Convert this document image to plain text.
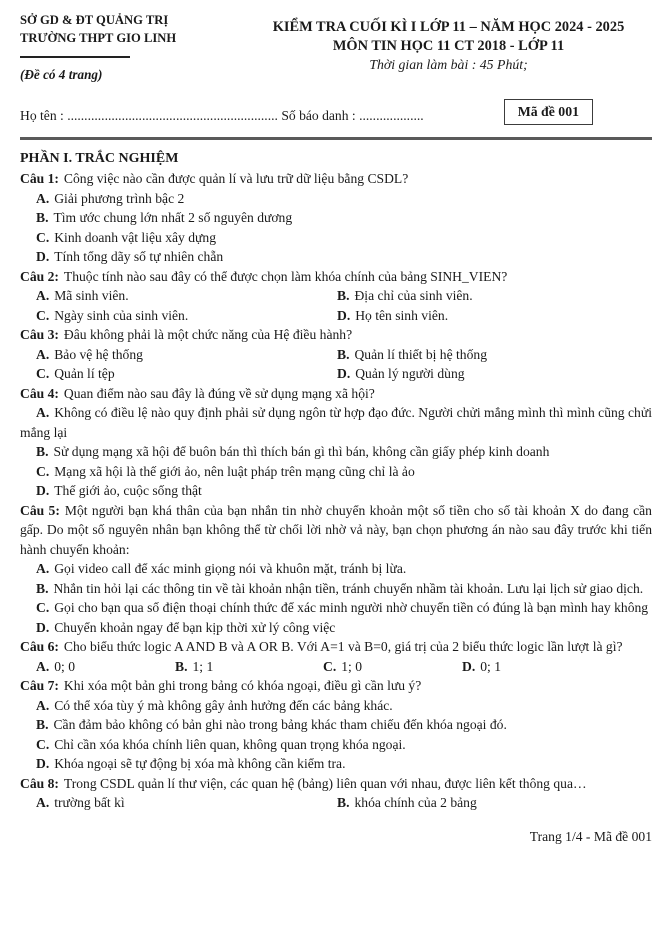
SỞ GD & ĐT QUẢNG TRỊ
TRƯỜNG THPT GIO LINH
(Đề có 4 trang)
KIỂM TRA CUỐI KÌ I LỚP 11 – NĂM HỌC 2024 - 2025
MÔN TIN HỌC 11 CT 2018 - LỚP 11
Thời gian làm bài : 45 Phút;
Họ tên : .............................................................. Số báo danh : ...................	Mã đề 001
PHẦN I. TRẮC NGHIỆM

Câu 1: Công việc nào cần được quản lí và lưu trữ dữ liệu bằng CSDL?

A. Giải phương trình bậc 2

B. Tìm ước chung lớn nhất 2 số nguyên dương

C. Kinh doanh vật liệu xây dựng

D. Tính tổng dãy số tự nhiên chẵn

Câu 2: Thuộc tính nào sau đây có thể được chọn làm khóa chính của bảng SINH_VIEN?

A. Mã sinh viên.	B. Địa chỉ của sinh viên.

C. Ngày sinh của sinh viên.	D. Họ tên sinh viên.

Câu 3: Đâu không phải là một chức năng của Hệ điều hành?

A. Bảo vệ hệ thống	B. Quản lí thiết bị hệ thống

C. Quản lí tệp	D. Quản lý người dùng

Câu 4: Quan điểm nào sau đây là đúng về sử dụng mạng xã hội?

A. Không có điều lệ nào quy định phải sử dụng ngôn từ hợp đạo đức. Người chửi mắng mình thì mình cũng chửi mắng lại

B. Sử dụng mạng xã hội để buôn bán thì thích bán gì thì bán, không cần giấy phép kinh doanh

C. Mạng xã hội là thế giới ảo, nên luật pháp trên mạng cũng chỉ là ảo

D. Thế giới ảo, cuộc sống thật

Câu 5: Một người bạn khá thân của bạn nhắn tin nhờ chuyển khoản một số tiền cho số tài khoản X do đang cần gấp. Do một số nguyên nhân bạn không thể từ chối lời nhờ vả này, bạn chọn phương án nào sau đây trước khi tiến hành chuyển khoản:

A. Gọi video call để xác minh giọng nói và khuôn mặt, tránh bị lừa.

B. Nhắn tin hỏi lại các thông tin về tài khoản nhận tiền, tránh chuyển nhầm tài khoản. Lưu lại lịch sử giao dịch.

C. Gọi cho bạn qua số điện thoại chính thức để xác minh người nhờ chuyển tiền có đúng là bạn mình hay không

D. Chuyển khoản ngay để bạn kịp thời xử lý công việc

Câu 6: Cho biểu thức logic A AND B và A OR B. Với A=1 và B=0, giá trị của 2 biểu thức logic lần lượt là gì?

A. 0; 0	B. 1; 1	C. 1; 0	D. 0; 1

Câu 7: Khi xóa một bản ghi trong bảng có khóa ngoại, điều gì cần lưu ý?

A. Có thể xóa tùy ý mà không gây ảnh hưởng đến các bảng khác.

B. Cần đảm bảo không có bản ghi nào trong bảng khác tham chiếu đến khóa ngoại đó.

C. Chỉ cần xóa khóa chính liên quan, không quan trọng khóa ngoại.

D. Khóa ngoại sẽ tự động bị xóa mà không cần kiểm tra.

Câu 8: Trong CSDL quản lí thư viện, các quan hệ (bảng) liên quan với nhau, được liên kết thông qua…

A. trường bất kì	B. khóa chính của 2 bảng

Trang 1/4 - Mã đề 001
